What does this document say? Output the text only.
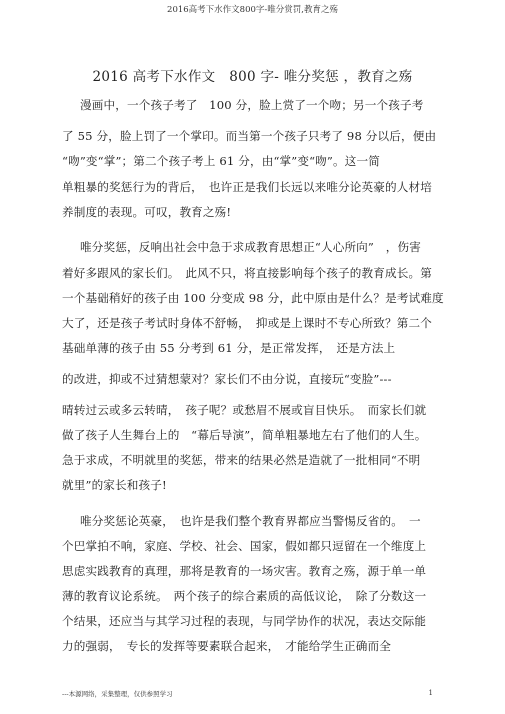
2016高考下水作文800字-唯分赏罚,教育之殇
2016 高考下水作文　800 字- 唯分奖惩 ，教育之殇
漫画中，一个孩子考了　100 分，脸上赏了一个吻；另一个孩子考
了 55 分，脸上罚了一个掌印。而当第一个孩子只考了 98 分以后，便由
“吻”变“掌”；第二个孩子考上 61 分，由“掌”变“吻”。这一简
单粗暴的奖惩行为的背后，　也许正是我们长远以来唯分论英豪的人材培
养制度的表现。可叹，教育之殇!
唯分奖惩，反响出社会中急于求成教育思想正“人心所向”　，伤害
着好多跟风的家长们。　此风不只，将直接影响每个孩子的教育成长。第
一个基础稍好的孩子由 100 分变成 98 分，此中原由是什么？是考试难度
大了，还是孩子考试时身体不舒畅，　抑或是上课时不专心所致？第二个
基础单薄的孩子由 55 分考到 61 分，是正常发挥，　还是方法上
的改进，抑或不过猜想蒙对？家长们不由分说，直接玩“变脸”---
晴转过云或多云转晴，　孩子呢？或愁眉不展或盲目快乐。　而家长们就
做了孩子人生舞台上的　“幕后导演”，简单粗暴地左右了他们的人生。
急于求成，不明就里的奖惩，带来的结果必然是造就了一批相同“不明
就里”的家长和孩子!
唯分奖惩论英豪，　也许是我们整个教育界都应当警惕反省的。　一
个巴掌拍不响，家庭、学校、社会、国家，假如都只逗留在一个维度上
思虑实践教育的真理，那将是教育的一场灾害。教育之殇，源于单一单
薄的教育议论系统。　两个孩子的综合素质的高低议论，　除了分数这一
个结果，还应当与其学习过程的表现，与同学协作的状况，表达交际能
力的强弱，　专长的发挥等要素联合起来，　才能给学生正确而全
---本源网络，采集整理，仅供参照学习	1
